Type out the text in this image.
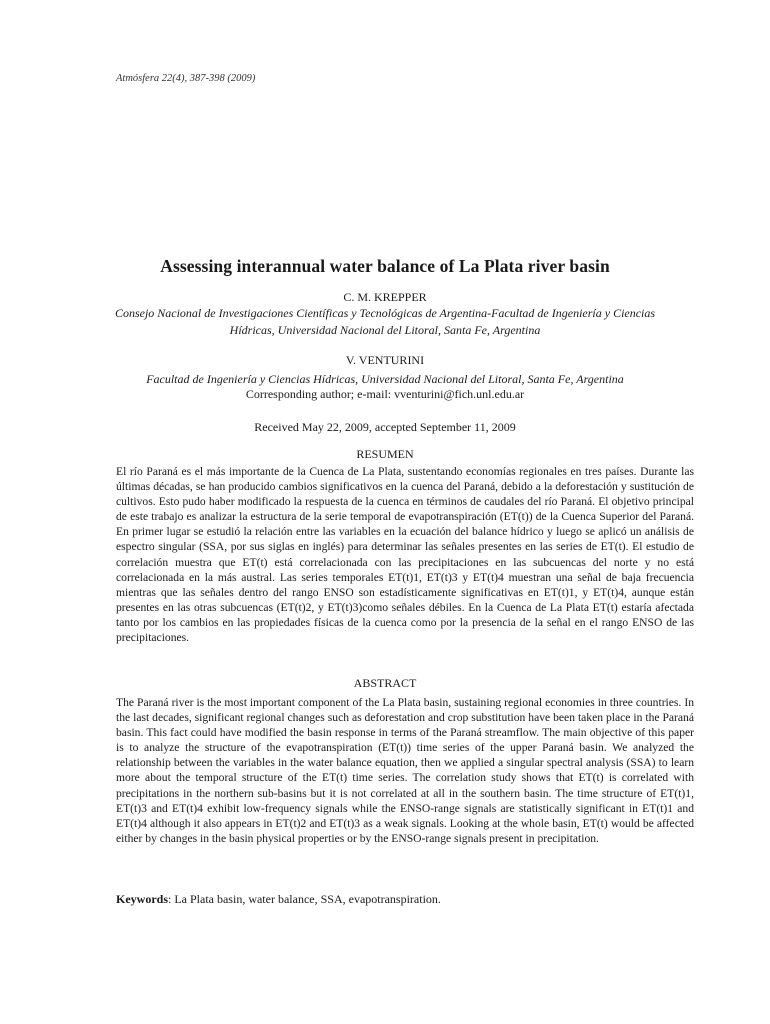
Atmósfera 22(4), 387-398 (2009)
Assessing interannual water balance of La Plata river basin
C. M. KREPPER
Consejo Nacional de Investigaciones Científicas y Tecnológicas de Argentina-Facultad de Ingeniería y Ciencias Hídricas, Universidad Nacional del Litoral, Santa Fe, Argentina
V. VENTURINI
Facultad de Ingeniería y Ciencias Hídricas, Universidad Nacional del Litoral, Santa Fe, Argentina
Corresponding author; e-mail: vventurini@fich.unl.edu.ar
Received May 22, 2009, accepted September 11, 2009
RESUMEN
El río Paraná es el más importante de la Cuenca de La Plata, sustentando economías regionales en tres países. Durante las últimas décadas, se han producido cambios significativos en la cuenca del Paraná, debido a la deforestación y sustitución de cultivos. Esto pudo haber modificado la respuesta de la cuenca en términos de caudales del río Paraná. El objetivo principal de este trabajo es analizar la estructura de la serie temporal de evapotranspiración (ET(t)) de la Cuenca Superior del Paraná. En primer lugar se estudió la relación entre las variables en la ecuación del balance hídrico y luego se aplicó un análisis de espectro singular (SSA, por sus siglas en inglés) para determinar las señales presentes en las series de ET(t). El estudio de correlación muestra que ET(t) está correlacionada con las precipitaciones en las subcuencas del norte y no está correlacionada en la más austral. Las series temporales ET(t)1, ET(t)3 y ET(t)4 muestran una señal de baja frecuencia mientras que las señales dentro del rango ENSO son estadísticamente significativas en ET(t)1, y ET(t)4, aunque están presentes en las otras subcuencas (ET(t)2, y ET(t)3)como señales débiles. En la Cuenca de La Plata ET(t) estaría afectada tanto por los cambios en las propiedades físicas de la cuenca como por la presencia de la señal en el rango ENSO de las precipitaciones.
ABSTRACT
The Paraná river is the most important component of the La Plata basin, sustaining regional economies in three countries. In the last decades, significant regional changes such as deforestation and crop substitution have been taken place in the Paraná basin. This fact could have modified the basin response in terms of the Paraná streamflow. The main objective of this paper is to analyze the structure of the evapotranspiration (ET(t)) time series of the upper Paraná basin. We analyzed the relationship between the variables in the water balance equation, then we applied a singular spectral analysis (SSA) to learn more about the temporal structure of the ET(t) time series. The correlation study shows that ET(t) is correlated with precipitations in the northern sub-basins but it is not correlated at all in the southern basin. The time structure of ET(t)1, ET(t)3 and ET(t)4 exhibit low-frequency signals while the ENSO-range signals are statistically significant in ET(t)1 and ET(t)4 although it also appears in ET(t)2 and ET(t)3 as a weak signals. Looking at the whole basin, ET(t) would be affected either by changes in the basin physical properties or by the ENSO-range signals present in precipitation.
Keywords: La Plata basin, water balance, SSA, evapotranspiration.
